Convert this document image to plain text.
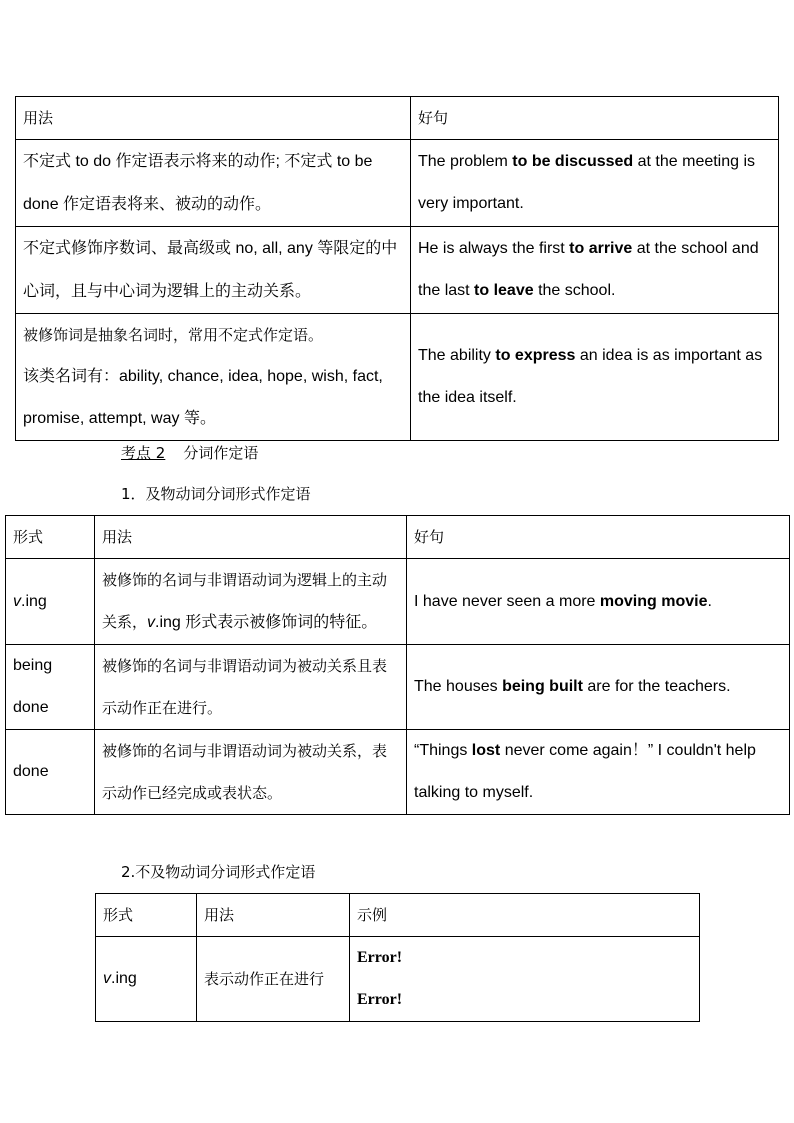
用法	好句
不定式 to do 作定语表示将来的动作; 不定式 to be done 作定语表将来、被动的动作。	The problem to be discussed at the meeting is very important.
不定式修饰序数词、最高级或 no, all, any 等限定的中心词，且与中心词为逻辑上的主动关系。	He is always the first to arrive at the school and the last to leave the school.

被修饰词是抽象名词时，常用不定式作定语。
该类名词有：ability, chance, idea, hope, wish, fact, promise, attempt, way 等。	The ability to express an idea is as important as the idea itself.
考点 2 分词作定语
1．及物动词分词形式作定语
形式	用法	好句
v.ing	被修饰的名词与非谓语动词为逻辑上的主动关系，v.ing 形式表示被修饰词的特征。	I have never seen a more moving movie.
being done	被修饰的名词与非谓语动词为被动关系且表示动作正在进行。	The houses being built are for the teachers.
done	被修饰的名词与非谓语动词为被动关系，表示动作已经完成或表状态。	“Things lost never come again！” I couldn't help talking to myself.
2.不及物动词分词形式作定语
形式	用法	示例
v.ing	表示动作正在进行	Error!
Error!
